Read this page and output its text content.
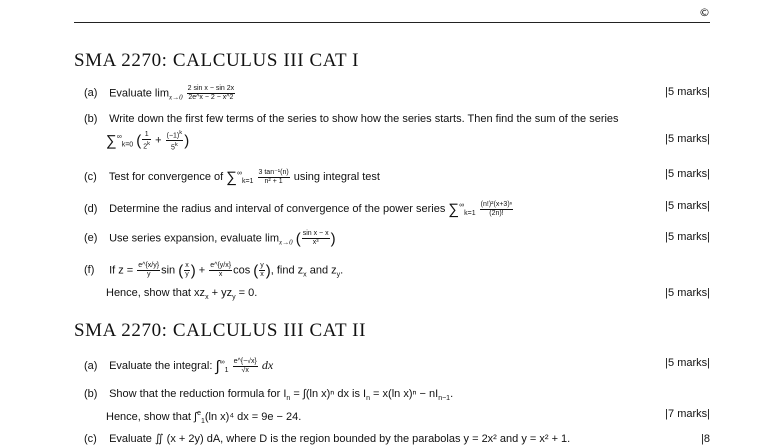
©
SMA 2270: CALCULUS III CAT I
(a) Evaluate $\lim_{x\to 0} \frac{\text{2 sin x − sin 2x}}{2e\^{}x - 2 - x\^{}2}$	|5 marks|
(b) Write down the first few terms of the series to show how the series starts. Then find the sum of the series
$\sum^\infty_{k=0}$ ( $\frac{1}{2^k} + \frac{(-1)^k}{5^k}$ )	|5 marks|
(c) Test for convergence of $\sum^\infty_{k=1} \frac{\text{3 tan⁻¹(n)}}{\text{n² + 1}}$ using integral test	|5 marks|
(d) Determine the radius and interval of convergence of the power series $\sum^\infty_{k=1} \frac{\text{(n!)²(x+3)ⁿ}}{(2n)!}$	|5 marks|
(e) Use series expansion, evaluate $\lim_{x\to 0}$ ( $\frac{\text{sin x − x}}{\text{x³}}$ )	|5 marks|
(f) If $z = \frac{e\^{}\{x/y\}}{y}$ sin ( $\frac{x}{y}$ ) + $\frac{e\^{}\{y/x\}}{x}$ cos ( $\frac{y}{x}$ ), find $z_x$ and $z_y$.
Hence, show that $xz_x + yz_y = 0$.	|5 marks|
SMA 2270: CALCULUS III CAT II
(a) Evaluate the integral: $\int^\infty_1 \frac{e\^{}\{-√x\}}{√x}$ dx	|5 marks|
(b) Show that the reduction formula for $I_n = \int(\ln$ x)ⁿ dx is $I_n = x(\ln$ $x)^n - nI_{n-1}$.
Hence, show that ∫$^e_1$(ln x)⁴ dx = 9e − 24.	|7 marks|
(c) Evaluate ∬ (x + 2y) dA, where D is the region bounded by the parabolas y = 2x² and y = x² + 1.	|8
